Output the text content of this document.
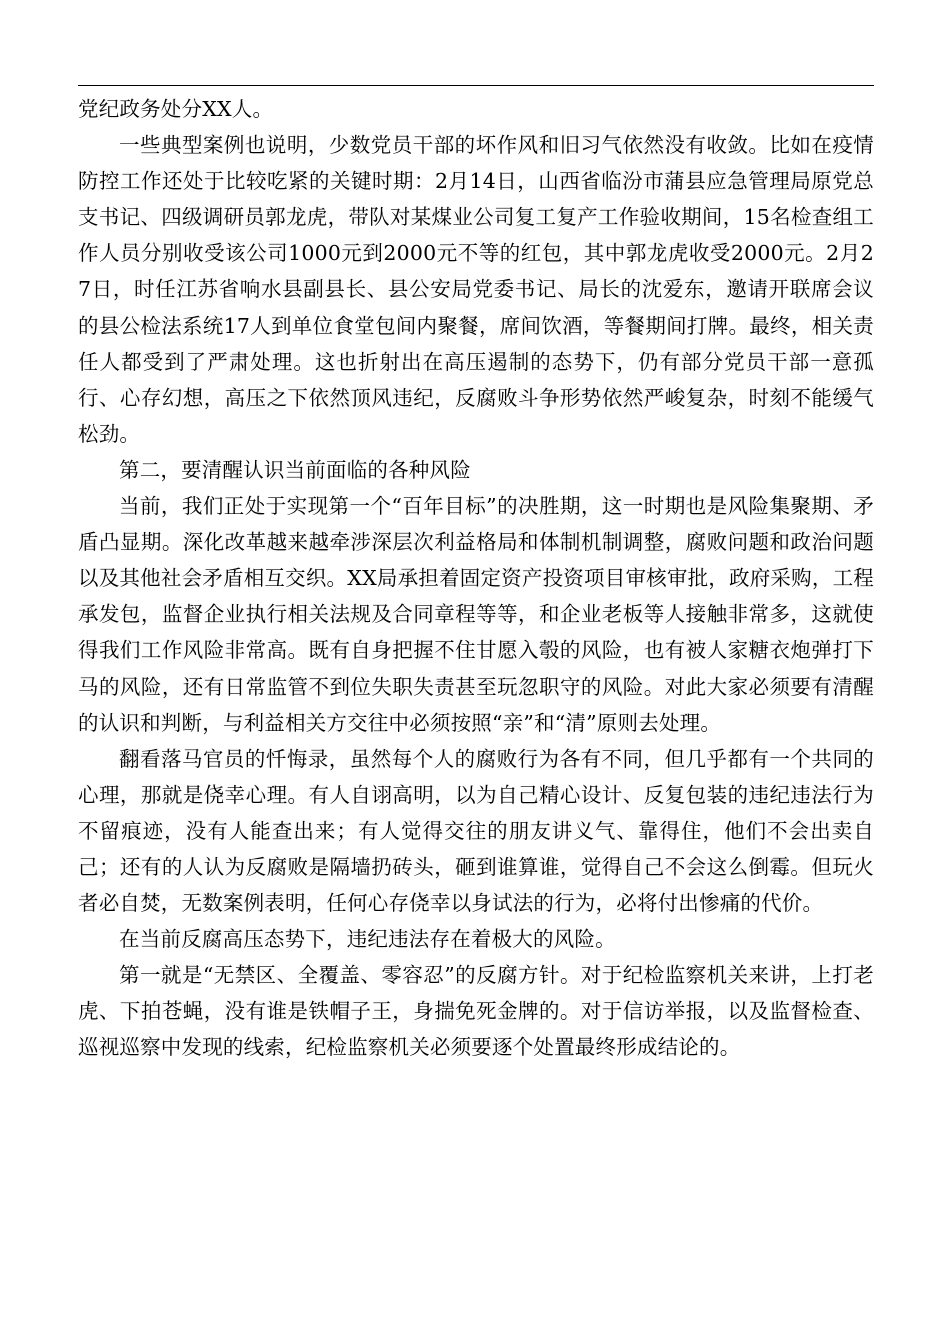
党纪政务处分XX人。

一些典型案例也说明，少数党员干部的坏作风和旧习气依然没有收敛。比如在疫情防控工作还处于比较吃紧的关键时期：2月14日，山西省临汾市蒲县应急管理局原党总支书记、四级调研员郭龙虎，带队对某煤业公司复工复产工作验收期间，15名检查组工作人员分别收受该公司1000元到2000元不等的红包，其中郭龙虎收受2000元。2月27日，时任江苏省响水县副县长、县公安局党委书记、局长的沈爱东，邀请开联席会议的县公检法系统17人到单位食堂包间内聚餐，席间饮酒，等餐期间打牌。最终，相关责任人都受到了严肃处理。这也折射出在高压遏制的态势下，仍有部分党员干部一意孤行、心存幻想，高压之下依然顶风违纪，反腐败斗争形势依然严峻复杂，时刻不能缓气松劲。

第二，要清醒认识当前面临的各种风险

当前，我们正处于实现第一个“百年目标”的决胜期，这一时期也是风险集聚期、矛盾凸显期。深化改革越来越牵涉深层次利益格局和体制机制调整，腐败问题和政治问题以及其他社会矛盾相互交织。XX局承担着固定资产投资项目审核审批，政府采购，工程承发包，监督企业执行相关法规及合同章程等等，和企业老板等人接触非常多，这就使得我们工作风险非常高。既有自身把握不住甘愿入彀的风险，也有被人家糖衣炮弹打下马的风险，还有日常监管不到位失职失责甚至玩忽职守的风险。对此大家必须要有清醒的认识和判断，与利益相关方交往中必须按照“亲”和“清”原则去处理。

翻看落马官员的忏悔录，虽然每个人的腐败行为各有不同，但几乎都有一个共同的心理，那就是侥幸心理。有人自诩高明，以为自己精心设计、反复包装的违纪违法行为不留痕迹，没有人能查出来；有人觉得交往的朋友讲义气、靠得住，他们不会出卖自己；还有的人认为反腐败是隔墙扔砖头，砸到谁算谁，觉得自己不会这么倒霉。但玩火者必自焚，无数案例表明，任何心存侥幸以身试法的行为，必将付出惨痛的代价。

在当前反腐高压态势下，违纪违法存在着极大的风险。

第一就是“无禁区、全覆盖、零容忍”的反腐方针。对于纪检监察机关来讲，上打老虎、下拍苍蝇，没有谁是铁帽子王，身揣免死金牌的。对于信访举报，以及监督检查、巡视巡察中发现的线索，纪检监察机关必须要逐个处置最终形成结论的。
